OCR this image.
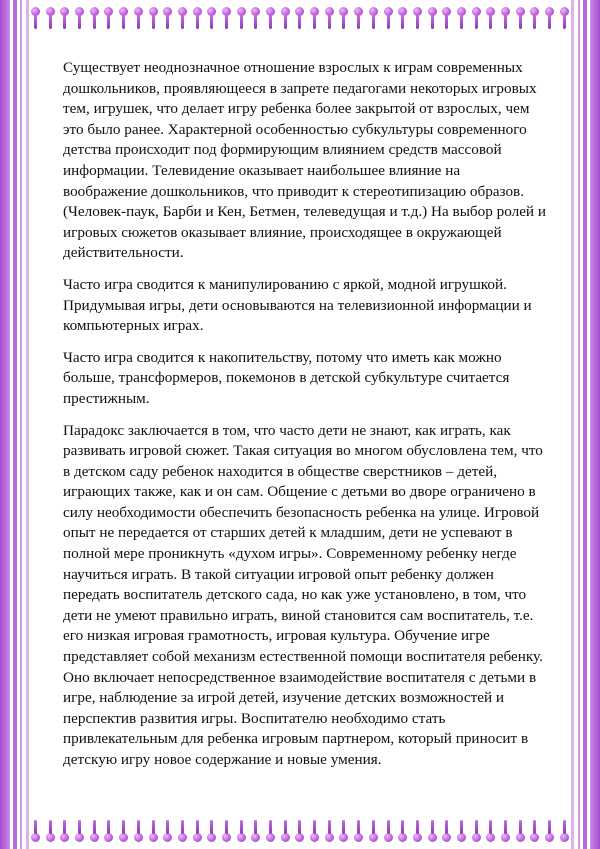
Существует неоднозначное отношение взрослых к играм современных дошкольников, проявляющееся в запрете педагогами некоторых игровых тем, игрушек, что делает игру ребенка более закрытой от взрослых, чем это было ранее. Характерной особенностью субкультуры современного детства происходит под формирующим влиянием средств массовой информации. Телевидение оказывает наибольшее влияние на воображение дошкольников, что приводит к стереотипизацию образов. (Человек-паук, Барби и Кен, Бетмен, телеведущая и т.д.) На выбор ролей и игровых сюжетов оказывает влияние, происходящее в окружающей действительности.

Часто игра сводится к манипулированию с яркой, модной игрушкой. Придумывая игры, дети основываются на телевизионной информации и компьютерных играх.

Часто игра сводится к накопительству, потому что иметь как можно больше, трансформеров, покемонов в детской субкультуре считается престижным.

Парадокс заключается в том, что часто дети не знают, как играть, как развивать игровой сюжет. Такая ситуация во многом обусловлена тем, что в детском саду ребенок находится в обществе сверстников – детей, играющих также, как и он сам. Общение с детьми во дворе ограничено в силу необходимости обеспечить безопасность ребенка на улице. Игровой опыт не передается от старших детей к младшим, дети не успевают в полной мере проникнуть «духом игры». Современному ребенку негде научиться играть. В такой ситуации игровой опыт ребенку должен передать воспитатель детского сада, но как уже установлено, в том, что дети не умеют правильно играть, виной становится сам воспитатель, т.е. его низкая игровая грамотность, игровая культура. Обучение игре представляет собой механизм естественной помощи воспитателя ребенку. Оно включает непосредственное взаимодействие воспитателя с детьми в игре, наблюдение за игрой детей, изучение детских возможностей и перспектив развития игры. Воспитателю необходимо стать привлекательным для ребенка игровым партнером, который приносит в детскую игру новое содержание и новые умения.
